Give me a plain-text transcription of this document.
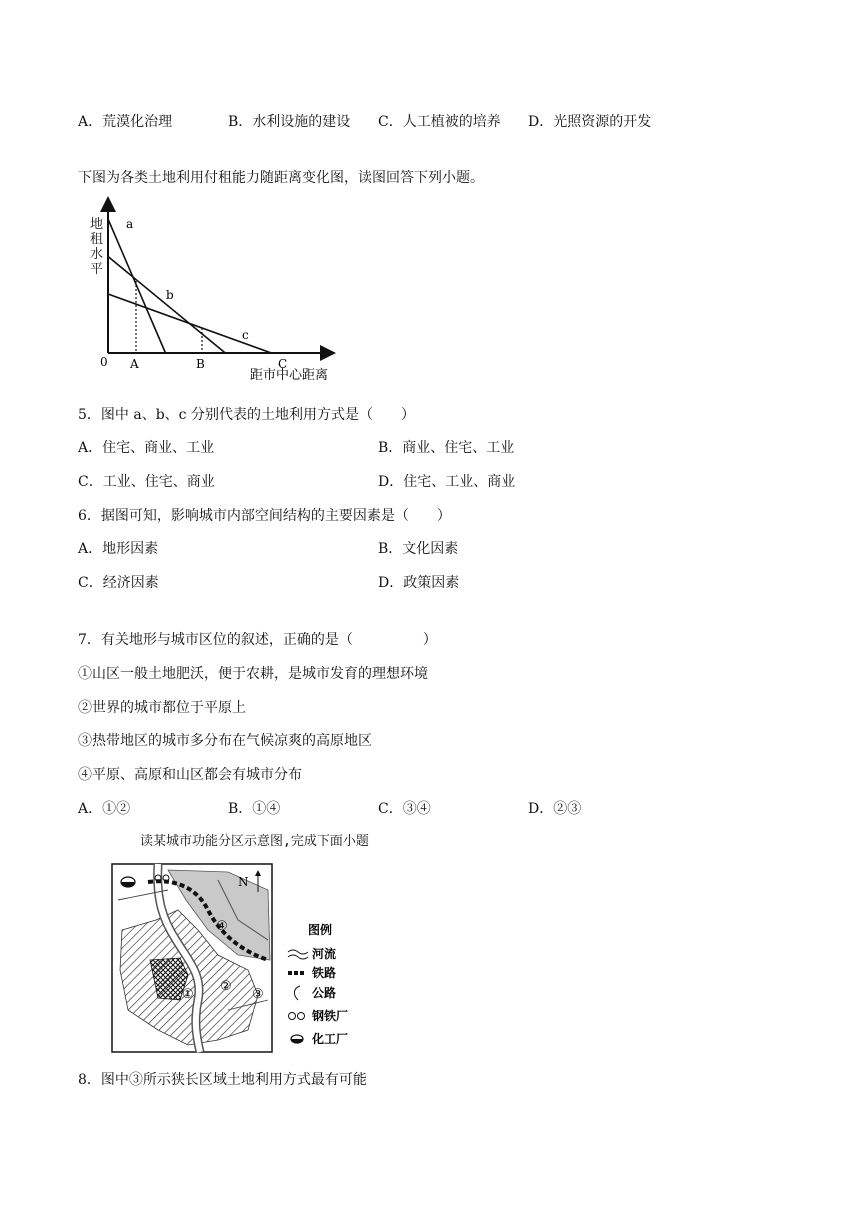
A．荒漠化治理	B．水利设施的建设 C．人工植被的培养 D．光照资源的开发
下图为各类土地利用付租能力随距离变化图，读图回答下列小题。
地租水平
a
b
c
0 A	B	C
距市中心距离
5．图中 a、b、c 分别代表的土地利用方式是（　　）
A．住宅、商业、工业	B．商业、住宅、工业
C．工业、住宅、商业	D．住宅、工业、商业
6．据图可知，影响城市内部空间结构的主要因素是（　　）
A．地形因素	B．文化因素
C．经济因素	D．政策因素
7．有关地形与城市区位的叙述，正确的是（　　　　　）
①山区一般土地肥沃，便于农耕，是城市发育的理想环境
②世界的城市都位于平原上
③热带地区的城市多分布在气候凉爽的高原地区
④平原、高原和山区都会有城市分布
A．①②	B．①④	C．③④	D．②③
读某城市功能分区示意图,完成下面小题
N
④
②
③
①
图例
河流
铁路
公路
钢铁厂
化工厂
8．图中③所示狭长区域土地利用方式最有可能
